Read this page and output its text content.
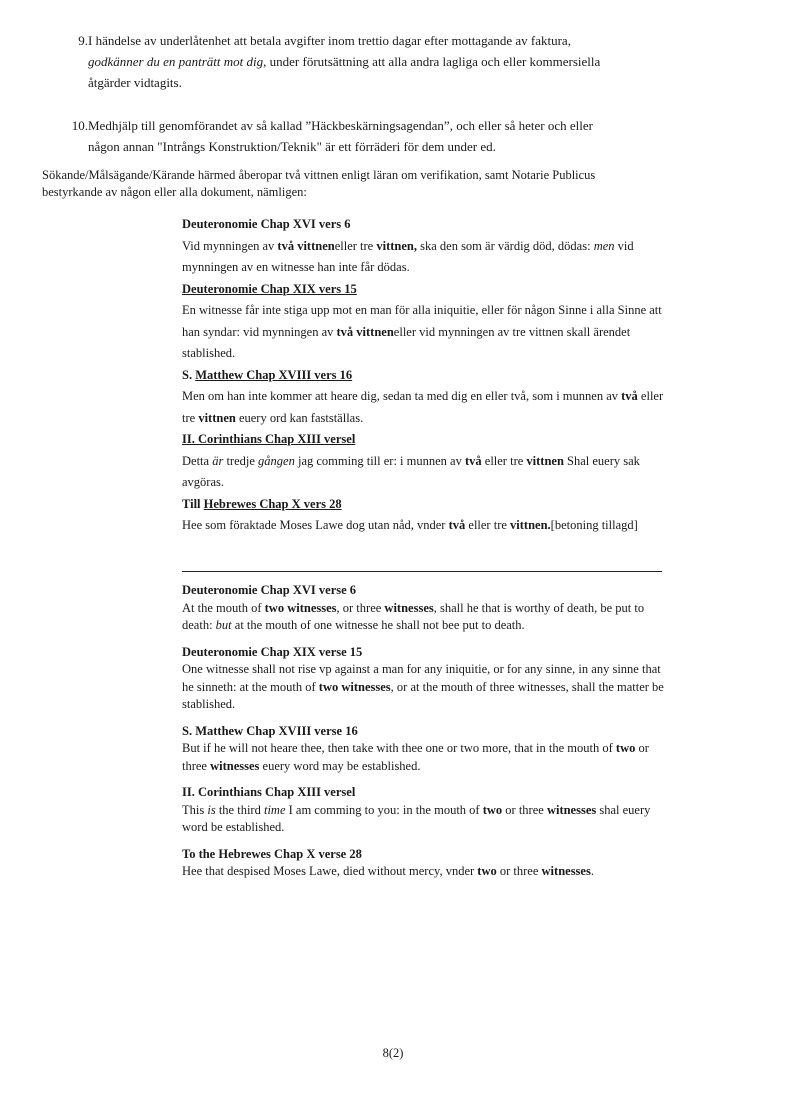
9. I händelse av underlåtenhet att betala avgifter inom trettio dagar efter mottagande av faktura,
godkänner du en panträtt mot dig, under förutsättning att alla andra lagliga och eller kommersiella
åtgärder vidtagits.
10. Medhjälp till genomförandet av så kallad ”Häckbeskärningsagendan”, och eller så heter och eller
någon annan "Intrångs Konstruktion/Teknik" är ett förräderi för dem under ed.
Sökande/Målsägande/Kärande härmed åberopar två vittnen enligt läran om verifikation, samt Notarie Publicus
bestyrkande av någon eller alla dokument, nämligen:
Deuteronomie Chap XVI vers 6
Vid mynningen av två vittneneller tre vittnen, ska den som är värdig död, dödas: men vid
mynningen av en witnesse han inte får dödas.
Deuteronomie Chap XIX vers 15
En witnesse får inte stiga upp mot en man för alla iniquitie, eller för någon Sinne i alla Sinne att
han syndar: vid mynningen av två vittneneller vid mynningen av tre vittnen skall ärendet
stablished.
S. Matthew Chap XVIII vers 16
Men om han inte kommer att heare dig, sedan ta med dig en eller två, som i munnen av två eller
tre vittnen euery ord kan fastställas.
II. Corinthians Chap XIII versel
Detta är tredje gången jag comming till er: i munnen av två eller tre vittnen Shal euery sak
avgöras.
Till Hebrewes Chap X vers 28
Hee som föraktade Moses Lawe dog utan nåd, vnder två eller tre vittnen.[betoning tillagd]
Deuteronomie Chap XVI verse 6
At the mouth of two witnesses, or three witnesses, shall he that is worthy of death, be put to
death: but at the mouth of one witnesse he shall not bee put to death.
Deuteronomie Chap XIX verse 15
One witnesse shall not rise vp against a man for any iniquitie, or for any sinne, in any sinne that
he sinneth: at the mouth of two witnesses, or at the mouth of three witnesses, shall the matter be
stablished.
S. Matthew Chap XVIII verse 16
But if he will not heare thee, then take with thee one or two more, that in the mouth of two or
three witnesses euery word may be established.
II. Corinthians Chap XIII versel
This is the third time I am comming to you: in the mouth of two or three witnesses shal euery
word be established.
To the Hebrewes Chap X verse 28
Hee that despised Moses Lawe, died without mercy, vnder two or three witnesses.
8(2)
